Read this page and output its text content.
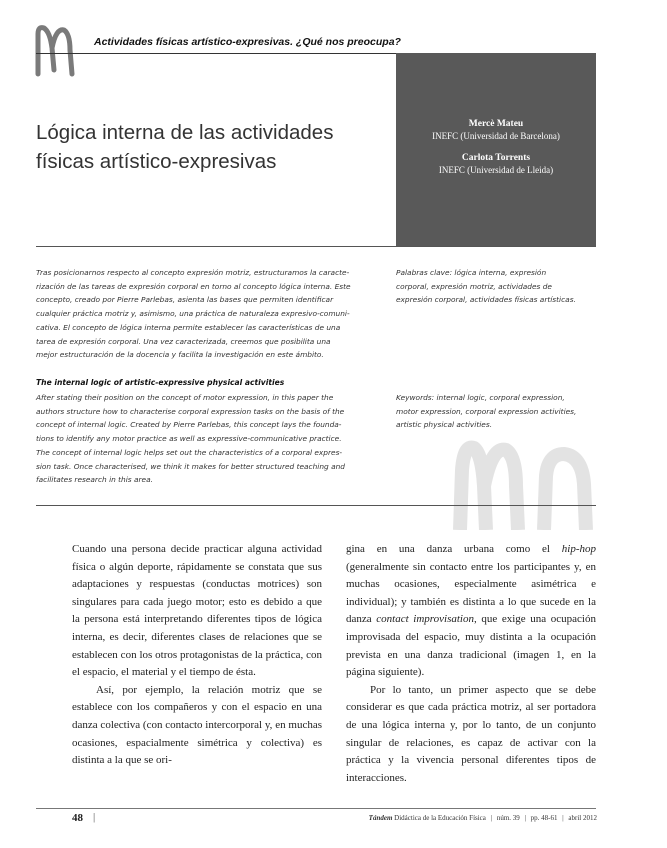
Actividades físicas artístico-expresivas. ¿Qué nos preocupa?
Mercè Mateu
INEFC (Universidad de Barcelona)
Carlota Torrents
INEFC (Universidad de Lleida)
Lógica interna de las actividades
físicas artístico-expresivas
Tras posicionarnos respecto al concepto expresión motriz, estructuramos la caracte-
rización de las tareas de expresión corporal en torno al concepto lógica interna. Este
concepto, creado por Pierre Parlebas, asienta las bases que permiten identificar
cualquier práctica motriz y, asimismo, una práctica de naturaleza expresivo-comuni-
cativa. El concepto de lógica interna permite establecer las características de una
tarea de expresión corporal. Una vez caracterizada, creemos que posibilita una
mejor estructuración de la docencia y facilita la investigación en este ámbito.
Palabras clave: lógica interna, expresión
corporal, expresión motriz, actividades de
expresión corporal, actividades físicas artísticas.
The internal logic of artistic-expressive physical activities
After stating their position on the concept of motor expression, in this paper the
authors structure how to characterise corporal expression tasks on the basis of the
concept of internal logic. Created by Pierre Parlebas, this concept lays the founda-
tions to identify any motor practice as well as expressive-communicative practice.
The concept of internal logic helps set out the characteristics of a corporal expres-
sion task. Once characterised, we think it makes for better structured teaching and
facilitates research in this area.
Keywords: internal logic, corporal expression,
motor expression, corporal expression activities,
artistic physical activities.

Cuando una persona decide practicar alguna actividad física o algún deporte, rápidamente se constata que sus adaptaciones y respuestas (conductas motrices) son singulares para cada juego motor; esto es debido a que la persona está interpretando diferentes tipos de lógica interna, es decir, diferentes clases de relaciones que se establecen con los otros protagonistas de la práctica, con el espacio, el material y el tiempo de ésta.

Así, por ejemplo, la relación motriz que se establece con los compañeros y con el espacio en una danza colectiva (con contacto intercorporal y, en muchas ocasiones, espacialmente simétrica y colectiva) es distinta a la que se ori-

gina en una danza urbana como el hip-hop (generalmente sin contacto entre los participantes y, en muchas ocasiones, especialmente asimétrica e individual); y también es distinta a lo que sucede en la danza contact improvisation, que exige una ocupación improvisada del espacio, muy distinta a la ocupación prevista en una danza tradicional (imagen 1, en la página siguiente).

Por lo tanto, un primer aspecto que se debe considerar es que cada práctica motriz, al ser portadora de una lógica interna y, por lo tanto, de un conjunto singular de relaciones, es capaz de activar con la práctica y la vivencia personal diferentes tipos de interacciones.

48 |	Tándem Didáctica de la Educación Física | núm. 39 | pp. 48-61 | abril 2012
